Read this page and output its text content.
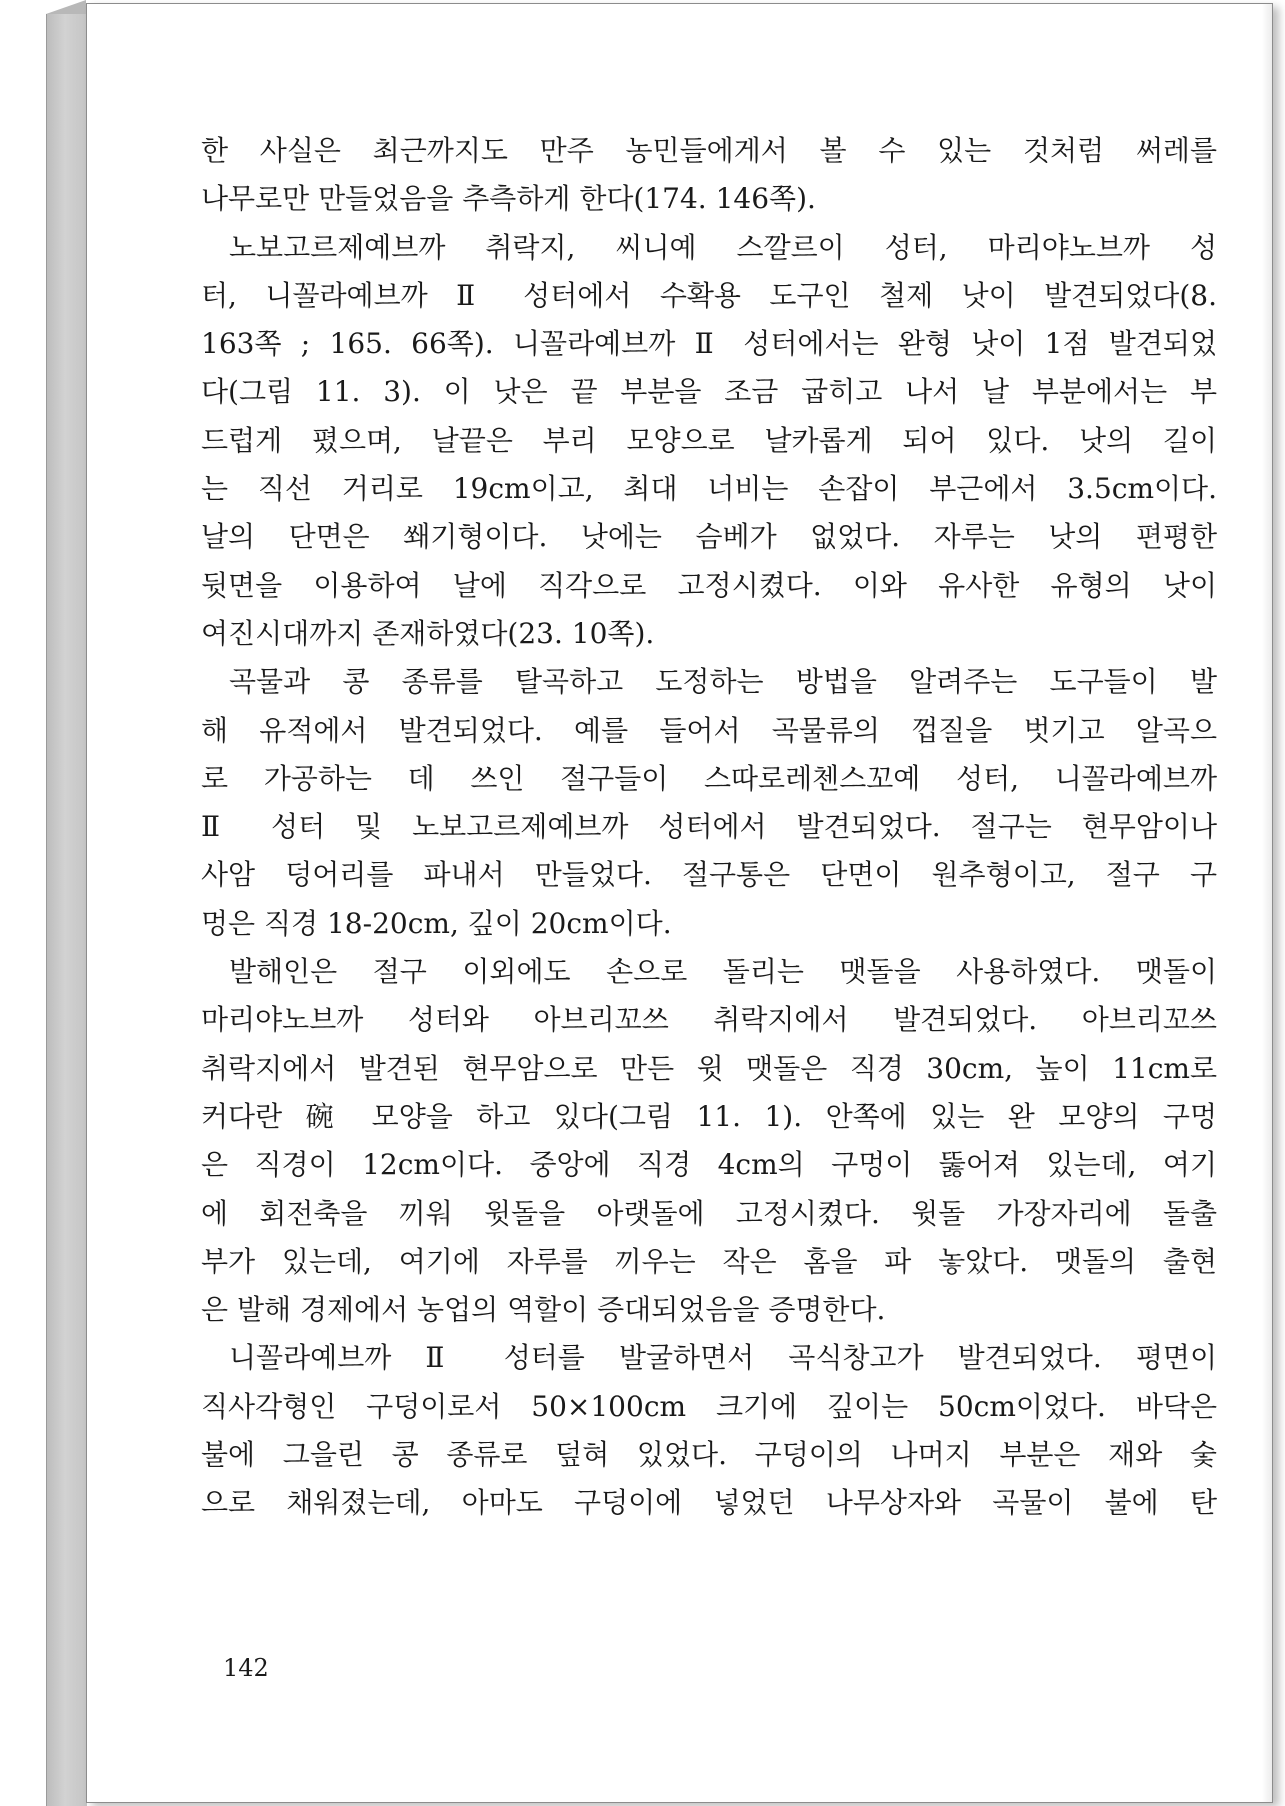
한 사실은 최근까지도 만주 농민들에게서 볼 수 있는 것처럼 써레를
나무로만 만들었음을 추측하게 한다(174. 146쪽).
노보고르제예브까 취락지, 씨니예 스깔르이 성터, 마리야노브까 성
터, 니꼴라예브까 Ⅱ 성터에서 수확용 도구인 철제 낫이 발견되었다(8.
163쪽 ; 165. 66쪽). 니꼴라예브까 Ⅱ 성터에서는 완형 낫이 1점 발견되었
다(그림 11. 3). 이 낫은 끝 부분을 조금 굽히고 나서 날 부분에서는 부
드럽게 폈으며, 날끝은 부리 모양으로 날카롭게 되어 있다. 낫의 길이
는 직선 거리로 19cm이고, 최대 너비는 손잡이 부근에서 3.5cm이다.
날의 단면은 쐐기형이다. 낫에는 슴베가 없었다. 자루는 낫의 편평한
뒷면을 이용하여 날에 직각으로 고정시켰다. 이와 유사한 유형의 낫이
여진시대까지 존재하였다(23. 10쪽).
곡물과 콩 종류를 탈곡하고 도정하는 방법을 알려주는 도구들이 발
해 유적에서 발견되었다. 예를 들어서 곡물류의 껍질을 벗기고 알곡으
로 가공하는 데 쓰인 절구들이 스따로레첸스꼬예 성터, 니꼴라예브까
Ⅱ 성터 및 노보고르제예브까 성터에서 발견되었다. 절구는 현무암이나
사암 덩어리를 파내서 만들었다. 절구통은 단면이 원추형이고, 절구 구
멍은 직경 18-20cm, 깊이 20cm이다.
발해인은 절구 이외에도 손으로 돌리는 맷돌을 사용하였다. 맷돌이
마리야노브까 성터와 아브리꼬쓰 취락지에서 발견되었다. 아브리꼬쓰
취락지에서 발견된 현무암으로 만든 윗 맷돌은 직경 30cm, 높이 11cm로
커다란 碗 모양을 하고 있다(그림 11. 1). 안쪽에 있는 완 모양의 구멍
은 직경이 12cm이다. 중앙에 직경 4cm의 구멍이 뚫어져 있는데, 여기
에 회전축을 끼워 윗돌을 아랫돌에 고정시켰다. 윗돌 가장자리에 돌출
부가 있는데, 여기에 자루를 끼우는 작은 홈을 파 놓았다. 맷돌의 출현
은 발해 경제에서 농업의 역할이 증대되었음을 증명한다.
니꼴라예브까 Ⅱ 성터를 발굴하면서 곡식창고가 발견되었다. 평면이
직사각형인 구덩이로서 50×100cm 크기에 깊이는 50cm이었다. 바닥은
불에 그을린 콩 종류로 덮혀 있었다. 구덩이의 나머지 부분은 재와 숯
으로 채워졌는데, 아마도 구덩이에 넣었던 나무상자와 곡물이 불에 탄
142
